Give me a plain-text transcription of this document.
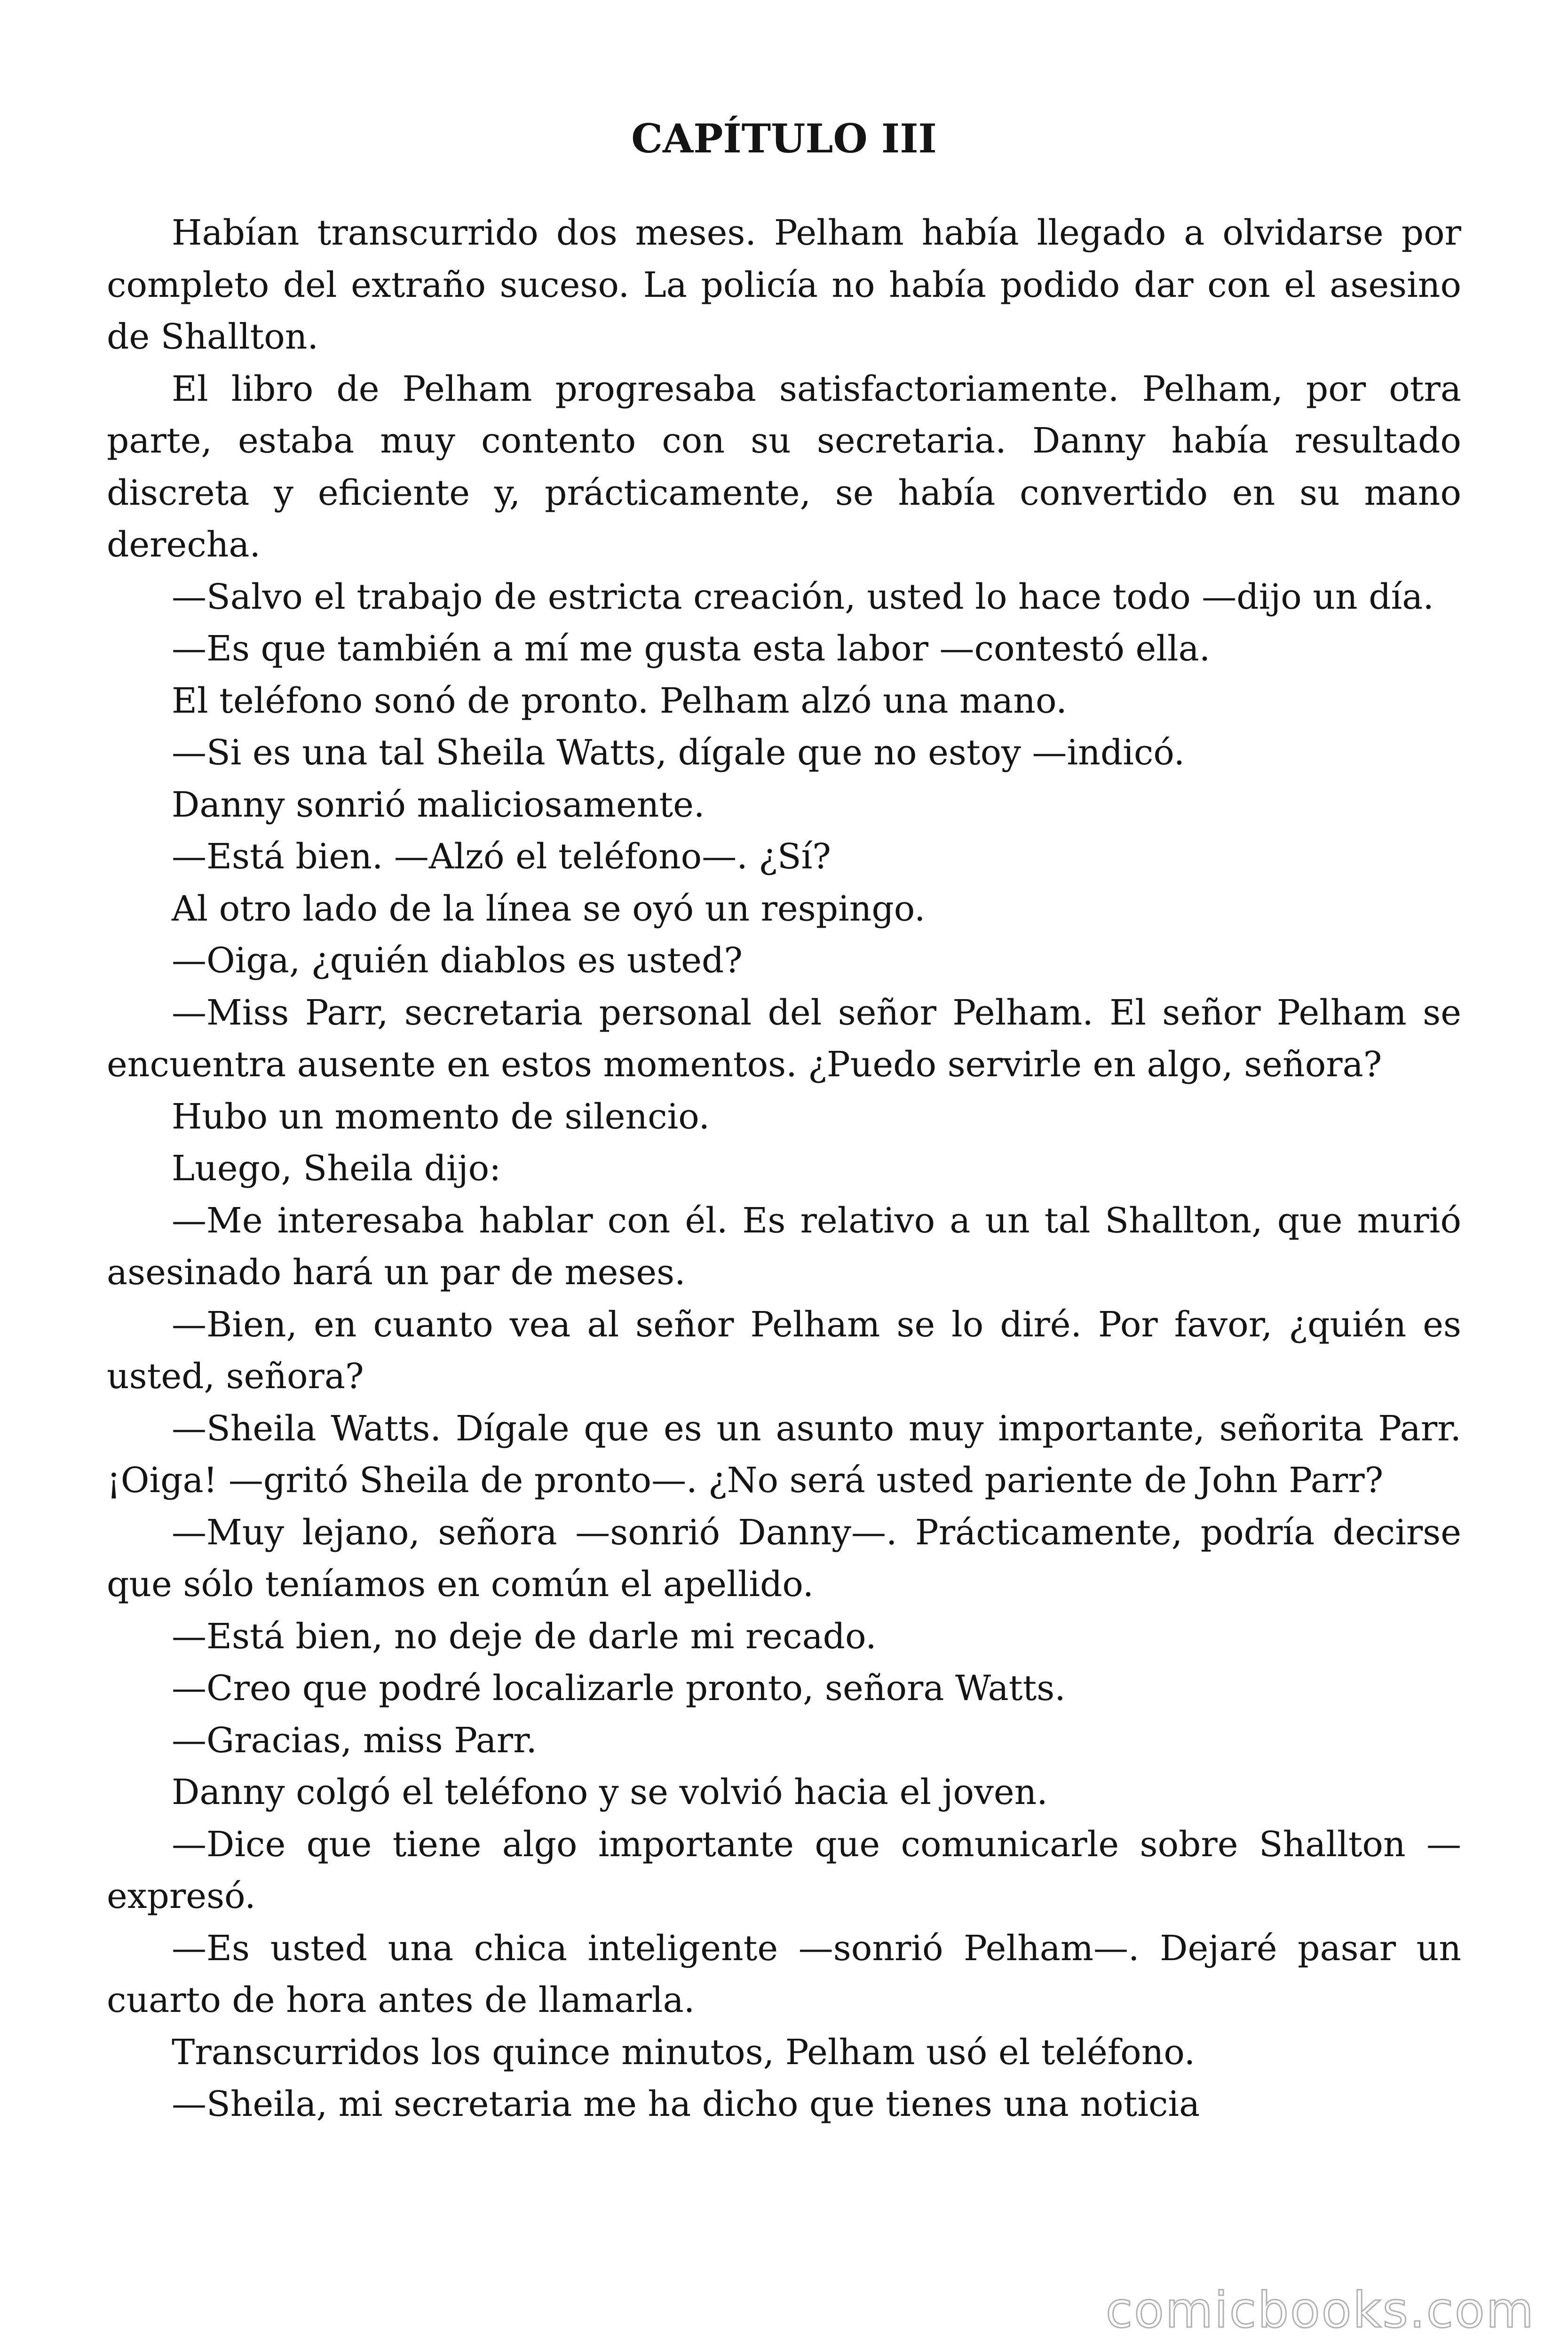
CAPÍTULO III

Habían transcurrido dos meses. Pelham había llegado a olvidarse por completo del extraño suceso. La policía no había podido dar con el asesino de Shallton.

El libro de Pelham progresaba satisfactoriamente. Pelham, por otra parte, estaba muy contento con su secretaria. Danny había resultado discreta y eficiente y, prácticamente, se había convertido en su mano derecha.

—Salvo el trabajo de estricta creación, usted lo hace todo —dijo un día.

—Es que también a mí me gusta esta labor —contestó ella.

El teléfono sonó de pronto. Pelham alzó una mano.

—Si es una tal Sheila Watts, dígale que no estoy —indicó.

Danny sonrió maliciosamente.

—Está bien. —Alzó el teléfono—. ¿Sí?

Al otro lado de la línea se oyó un respingo.

—Oiga, ¿quién diablos es usted?

—Miss Parr, secretaria personal del señor Pelham. El señor Pelham se encuentra ausente en estos momentos. ¿Puedo servirle en algo, señora?

Hubo un momento de silencio.

Luego, Sheila dijo:

—Me interesaba hablar con él. Es relativo a un tal Shallton, que murió asesinado hará un par de meses.

—Bien, en cuanto vea al señor Pelham se lo diré. Por favor, ¿quién es usted, señora?

—Sheila Watts. Dígale que es un asunto muy importante, señorita Parr. ¡Oiga! —gritó Sheila de pronto—. ¿No será usted pariente de John Parr?

—Muy lejano, señora —sonrió Danny—. Prácticamente, podría decirse que sólo teníamos en común el apellido.

—Está bien, no deje de darle mi recado.

—Creo que podré localizarle pronto, señora Watts.

—Gracias, miss Parr.

Danny colgó el teléfono y se volvió hacia el joven.

—Dice que tiene algo importante que comunicarle sobre Shallton —expresó.

—Es usted una chica inteligente —sonrió Pelham—. Dejaré pasar un cuarto de hora antes de llamarla.

Transcurridos los quince minutos, Pelham usó el teléfono.

—Sheila, mi secretaria me ha dicho que tienes una noticia

comicbooks.com
